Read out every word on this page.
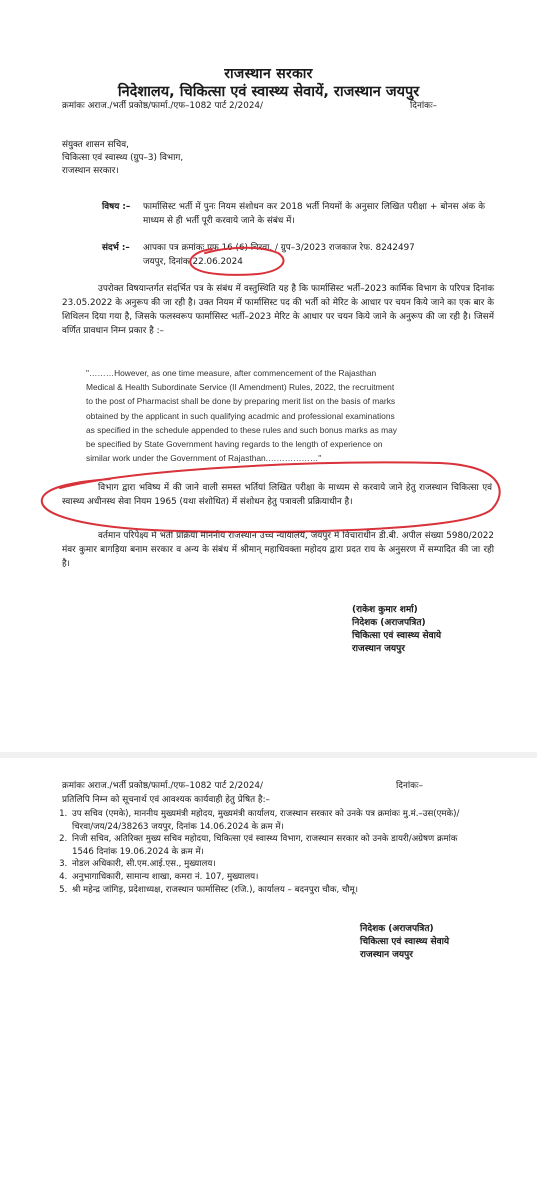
राजस्थान सरकार
निदेशालय, चिकित्सा एवं स्वास्थ्य सेवायें, राजस्थान जयपुर
क्रमांकः अराज./भर्ती प्रकोष्ठ/फार्मा./एफ–1082 पार्ट 2/2024/	दिनांकः–
संयुक्त शासन सचिव,
चिकित्सा एवं स्वास्थ्य (ग्रुप–3) विभाग,
राजस्थान सरकार।
विषय :–	फार्मासिस्ट भर्ती में पुनः नियम संशोधन कर 2018 भर्ती नियमों के अनुसार लिखित परीक्षा + बोनस अंक के माध्यम से ही भर्ती पूरी करवाये जाने के संबंध में।
संदर्भ :–	आपका पत्र क्रमांकः एफ 16 (6) चिरवा. / ग्रुप–3/2023 राजकाज रेफ. 8242497
जयपुर, दिनांक 22.06.2024
उपरोक्त विषयान्तर्गत संदर्भित पत्र के संबंध में वस्तुस्थिति यह है कि फार्मासिस्ट भर्ती–2023 कार्मिक विभाग के परिपत्र दिनांक 23.05.2022 के अनुरूप की जा रही है। उक्त नियम में फार्मासिस्ट पद की भर्ती को मेरिट के आधार पर चयन किये जाने का एक बार के शिथिलन दिया गया है, जिसके फलस्वरूप फार्मासिस्ट भर्ती–2023 मेरिट के आधार पर चयन किये जाने के अनुरूप की जा रही है। जिसमें वर्णित प्रावधान निम्न प्रकार है :–
"………However, as one time measure, after commencement of the Rajasthan
Medical & Health Subordinate Service (II Amendment) Rules, 2022, the recruitment
to the post of Pharmacist shall be done by preparing merit list on the basis of marks
obtained by the applicant in such qualifying acadmic and professional examinations
as specified in the schedule appended to these rules and such bonus marks as may
be specified by State Government having regards to the length of experience on
similar work under the Government of Rajasthan.………………"
विभाग द्वारा भविष्य में की जाने वाली समस्त भर्तियां लिखित परीक्षा के माध्यम से करवाये जाने हेतु राजस्थान चिकित्सा एवं स्वास्थ्य अधीनस्थ सेवा नियम 1965 (यथा संशोधित) में संशोधन हेतु पत्रावली प्रक्रियाधीन है।
वर्तमान परिपेक्ष्य में भर्ती प्रक्रिया माननीय राजस्थान उच्च न्यायालय, जयपुर में विचाराधीन डी.बी. अपील संख्या 5980/2022 मंवर कुमार बागड़िया बनाम सरकार व अन्य के संबंध में श्रीमान् महाधिवक्ता महोदय द्वारा प्रदत राय के अनुसरण में सम्पादित की जा रही है।
(राकेश कुमार शर्मा)
निदेशक (अराजपत्रित)
चिकित्सा एवं स्वास्थ्य सेवाये
राजस्थान जयपुर
क्रमांकः अराज./भर्ती प्रकोष्ठ/फार्मा./एफ–1082 पार्ट 2/2024/	दिनांकः–
प्रतिलिपि निम्न को सूचनार्थ एवं आवश्यक कार्यवाही हेतु प्रेषित है:–
1. उप सचिव (एमके), माननीय मुख्यमंत्री महोदय, मुख्यमंत्री कार्यालय, राजस्थान सरकार को उनके पत्र क्रमांकः मु.मं.–उस(एमके)/चिरवा/जय/24/38263 जयपुर, दिनांक 14.06.2024 के क्रम में।
2. निजी सचिव, अतिरिक्त मुख्य सचिव महोदया, चिकित्सा एवं स्वास्थ्य विभाग, राजस्थान सरकार को उनके डायरी/अग्रेषण क्रमांक 1546 दिनांक 19.06.2024 के क्रम में।
3. नोडल अधिकारी, सी.एम.आई.एस., मुख्यालय।
4. अनुभागाधिकारी, सामान्य शाखा, कमरा नं. 107, मुख्यालय।
5. श्री महेन्द्र जांगिड़, प्रदेशाध्यक्ष, राजस्थान फार्मासिस्ट (रजि.), कार्यालय – बदनपुरा चौक, चौमू।
निदेशक (अराजपत्रित)
चिकित्सा एवं स्वास्थ्य सेवाये
राजस्थान जयपुर
